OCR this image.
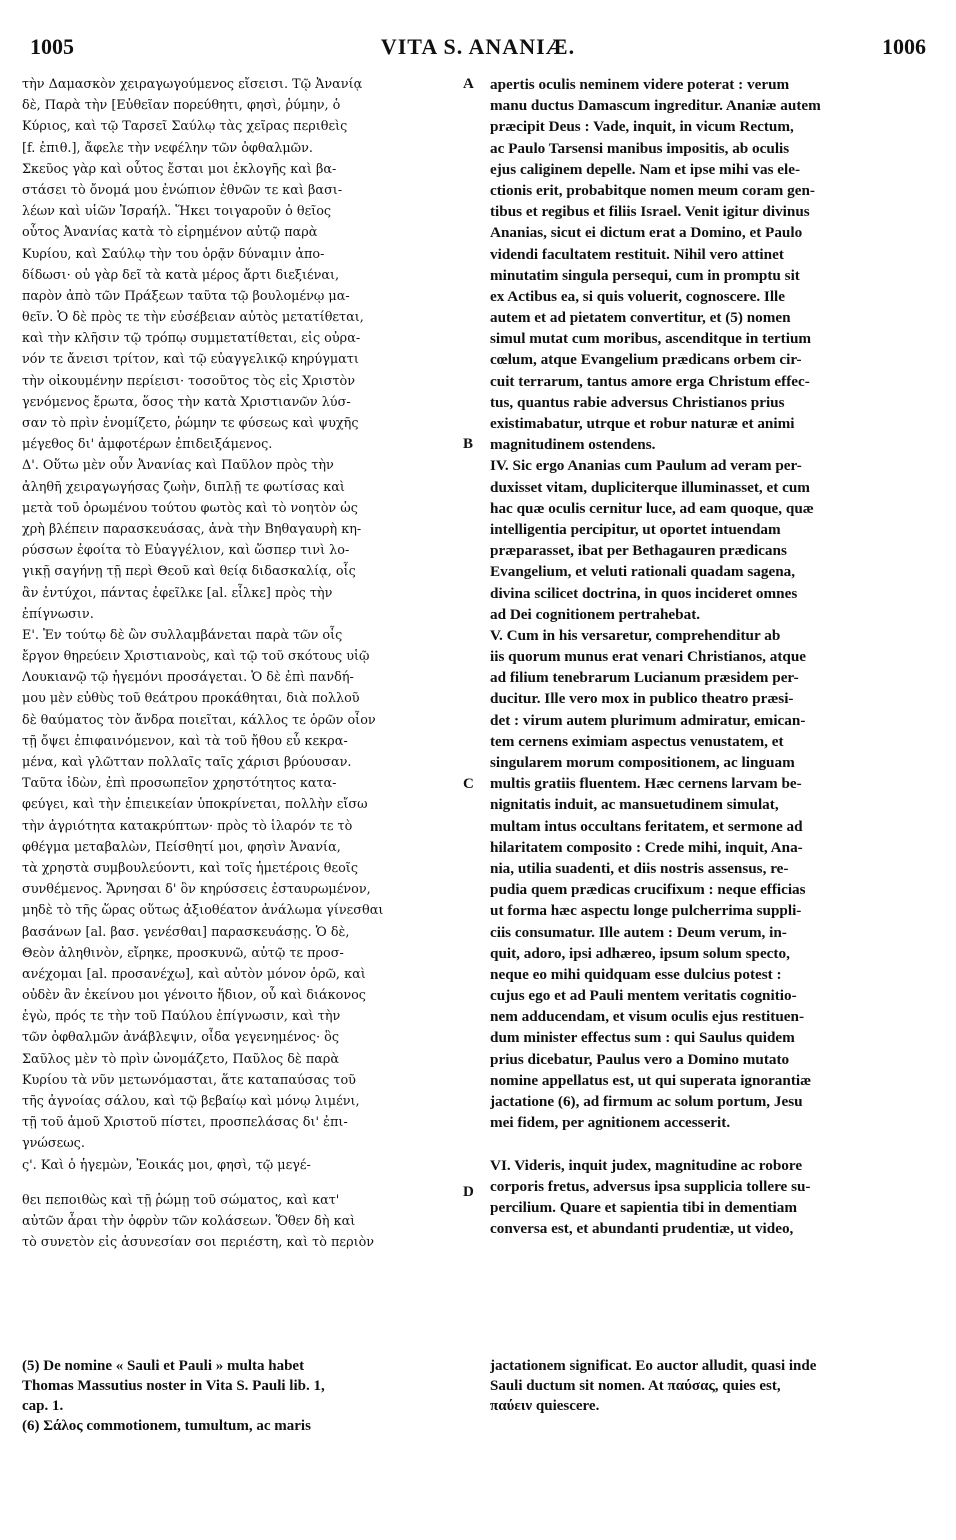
1005	VITA S. ANANIÆ.	1006
τὴν Δαμασκὸν χειραγωγούμενος εἴσεισι. Τῷ Ἀνανίᾳ
δὲ, Παρὰ τὴν [Εὐθεῖαν πορεύθητι, φησὶ, ῥύμην, ὁ
Κύριος, καὶ τῷ Ταρσεῖ Σαύλῳ τὰς χεῖρας περιθεὶς
[f. ἐπιθ.], ἄφελε τὴν νεφέλην τῶν ὀφθαλμῶν.
Σκεῦος γὰρ καὶ οὗτος ἔσται μοι ἐκλογῆς καὶ βα-
στάσει τὸ ὄνομά μου ἐνώπιον ἐθνῶν τε καὶ βασι-
λέων καὶ υἱῶν Ἰσραήλ. Ἥκει τοιγαροῦν ὁ θεῖος
οὗτος Ἀνανίας κατὰ τὸ εἰρημένον αὐτῷ παρὰ
Κυρίου, καὶ Σαύλῳ τὴν του ὁρᾷν δύναμιν ἀπο-
δίδωσι· οὐ γὰρ δεῖ τὰ κατὰ μέρος ἄρτι διεξιέναι,
παρὸν ἀπὸ τῶν Πράξεων ταῦτα τῷ βουλομένῳ μα-
θεῖν. Ὁ δὲ πρὸς τε τὴν εὐσέβειαν αὐτὸς μετατίθεται,
καὶ τὴν κλῆσιν τῷ τρόπῳ συμμετατίθεται, εἰς οὐρα-
νόν τε ἄνεισι τρίτον, καὶ τῷ εὐαγγελικῷ κηρύγματι
τὴν οἰκουμένην περίεισι· τοσοῦτος τὸς εἰς Χριστὸν
γενόμενος ἔρωτα, ὅσος τὴν κατὰ Χριστιανῶν λύσ-
σαν τὸ πρὶν ἐνομίζετο, ῥώμην τε φύσεως καὶ ψυχῆς
μέγεθος δι' ἀμφοτέρων ἐπιδειξάμενος.
Δ'. Οὕτω μὲν οὖν Ἀνανίας καὶ Παῦλον πρὸς τὴν
ἀληθῆ χειραγωγήσας ζωὴν, διπλῇ τε φωτίσας καὶ
μετὰ τοῦ ὁρωμένου τούτου φωτὸς καὶ τὸ νοητὸν ὡς
χρὴ βλέπειν παρασκευάσας, ἀνὰ τὴν Βηθαγαυρὴ κη-
ρύσσων ἐφοίτα τὸ Εὐαγγέλιον, καὶ ὥσπερ τινὶ λο-
γικῇ σαγήνῃ τῇ περὶ Θεοῦ καὶ θείᾳ διδασκαλίᾳ, οἷς
ἂν ἐντύχοι, πάντας ἐφεῖλκε [al. εἷλκε] πρὸς τὴν
ἐπίγνωσιν.
Ε'. Ἐν τούτῳ δὲ ὢν συλλαμβάνεται παρὰ τῶν οἷς
ἔργον θηρεύειν Χριστιανοὺς, καὶ τῷ τοῦ σκότους υἱῷ
Λουκιανῷ τῷ ἡγεμόνι προσάγεται. Ὁ δὲ ἐπὶ πανδή-
μου μὲν εὐθὺς τοῦ θεάτρου προκάθηται, διὰ πολλοῦ
δὲ θαύματος τὸν ἄνδρα ποιεῖται, κάλλος τε ὁρῶν οἷον
τῇ ὄψει ἐπιφαινόμενον, καὶ τὰ τοῦ ἤθου εὖ κεκρα-
μένα, καὶ γλῶτταν πολλαῖς ταῖς χάρισι βρύουσαν.
Ταῦτα ἰδὼν, ἐπὶ προσωπεῖον χρηστότητος κατα-
φεύγει, καὶ τὴν ἐπιεικείαν ὑποκρίνεται, πολλὴν εἴσω
τὴν ἀγριότητα κατακρύπτων· πρὸς τὸ ἱλαρόν τε τὸ
φθέγμα μεταβαλὼν, Πείσθητί μοι, φησὶν Ἀνανία,
τὰ χρηστὰ συμβουλεύοντι, καὶ τοῖς ἡμετέροις θεοῖς
συνθέμενος. Ἄρνησαι δ' ὃν κηρύσσεις ἐσταυρωμένον,
μηδὲ τὸ τῆς ὥρας οὕτως ἀξιοθέατον ἀνάλωμα γίνεσθαι
βασάνων [al. βασ. γενέσθαι] παρασκευάσῃς. Ὁ δὲ,
Θεὸν ἀληθινὸν, εἴρηκε, προσκυνῶ, αὐτῷ τε προσ-
ανέχομαι [al. προσανέχω], καὶ αὐτὸν μόνον ὁρῶ, καὶ
οὐδὲν ἂν ἐκείνου μοι γένοιτο ἥδιον, οὗ καὶ διάκονος
ἐγὼ, πρός τε τὴν τοῦ Παύλου ἐπίγνωσιν, καὶ τὴν
τῶν ὀφθαλμῶν ἀνάβλεψιν, οἶδα γεγενημένος· ὃς
Σαῦλος μὲν τὸ πρὶν ὠνομάζετο, Παῦλος δὲ παρὰ
Κυρίου τὰ νῦν μετωνόμασται, ἅτε καταπαύσας τοῦ
τῆς ἀγνοίας σάλου, καὶ τῷ βεβαίῳ καὶ μόνῳ λιμένι,
τῇ τοῦ ἁμοῦ Χριστοῦ πίστει, προσπελάσας δι' ἐπι-
γνώσεως.
ς'. Καὶ ὁ ἡγεμὼν, Ἐοικάς μοι, φησὶ, τῷ μεγέ-
θει πεποιθὼς καὶ τῇ ῥώμῃ τοῦ σώματος, καὶ κατ'
αὐτῶν ἆραι τὴν ὀφρὺν τῶν κολάσεων. Ὅθεν δὴ καὶ
τὸ συνετὸν εἰς ἀσυνεσίαν σοι περιέστη, καὶ τὸ περιὸν
apertis oculis neminem videre poterat : verum
manu ductus Damascum ingreditur. Ananiæ autem
præcipit Deus : Vade, inquit, in vicum Rectum,
ac Paulo Tarsensi manibus impositis, ab oculis
ejus caliginem depelle. Nam et ipse mihi vas ele-
ctionis erit, probabitque nomen meum coram gen-
tibus et regibus et filiis Israel. Venit igitur divinus
Ananias, sicut ei dictum erat a Domino, et Paulo
videndi facultatem restituit. Nihil vero attinet
minutatim singula persequi, cum in promptu sit
ex Actibus ea, si quis voluerit, cognoscere. Ille
autem et ad pietatem convertitur, et (5) nomen
simul mutat cum moribus, ascenditque in tertium
cœlum, atque Evangelium prædicans orbem cir-
cuit terrarum, tantus amore erga Christum effec-
tus, quantus rabie adversus Christianos prius
existimabatur, utrque et robur naturæ et animi
magnitudinem ostendens.
IV. Sic ergo Ananias cum Paulum ad veram per-
duxisset vitam, dupliciterque illuminasset, et cum
hac quæ oculis cernitur luce, ad eam quoque, quæ
intelligentia percipitur, ut oportet intuendam
præparasset, ibat per Bethagauren prædicans
Evangelium, et veluti rationali quadam sagena,
divina scilicet doctrina, in quos incideret omnes
ad Dei cognitionem pertrahebat.
V. Cum in his versaretur, comprehenditur ab
iis quorum munus erat venari Christianos, atque
ad filium tenebrarum Lucianum præsidem per-
ducitur. Ille vero mox in publico theatro præsi-
det : virum autem plurimum admiratur, emican-
tem cernens eximiam aspectus venustatem, et
singularem morum compositionem, ac linguam
multis gratiis fluentem. Hæc cernens larvam be-
nignitatis induit, ac mansuetudinem simulat,
multam intus occultans feritatem, et sermone ad
hilaritatem composito : Crede mihi, inquit, Ana-
nia, utilia suadenti, et diis nostris assensus, re-
pudia quem prædicas crucifixum : neque efficias
ut forma hæc aspectu longe pulcherrima suppli-
ciis consumatur. Ille autem : Deum verum, in-
quit, adoro, ipsi adhæreo, ipsum solum specto,
neque eo mihi quidquam esse dulcius potest :
cujus ego et ad Pauli mentem veritatis cognitio-
nem adducendam, et visum oculis ejus restituen-
dum minister effectus sum : qui Saulus quidem
prius dicebatur, Paulus vero a Domino mutato
nomine appellatus est, ut qui superata ignorantiæ
jactatione (6), ad firmum ac solum portum, Jesu
mei fidem, per agnitionem accesserit.
VI. Videris, inquit judex, magnitudine ac robore
corporis fretus, adversus ipsa supplicia tollere su-
percilium. Quare et sapientia tibi in dementiam
conversa est, et abundanti prudentiæ, ut video,
A
B
C
D
(5) De nomine « Sauli et Pauli » multa habet
Thomas Massutius noster in Vita S. Pauli lib. 1,
cap. 1.
(6) Σάλος commotionem, tumultum, ac maris
jactationem significat. Eo auctor alludit, quasi inde
Sauli ductum sit nomen. At παύσας, quies est,
παύειν quiescere.
